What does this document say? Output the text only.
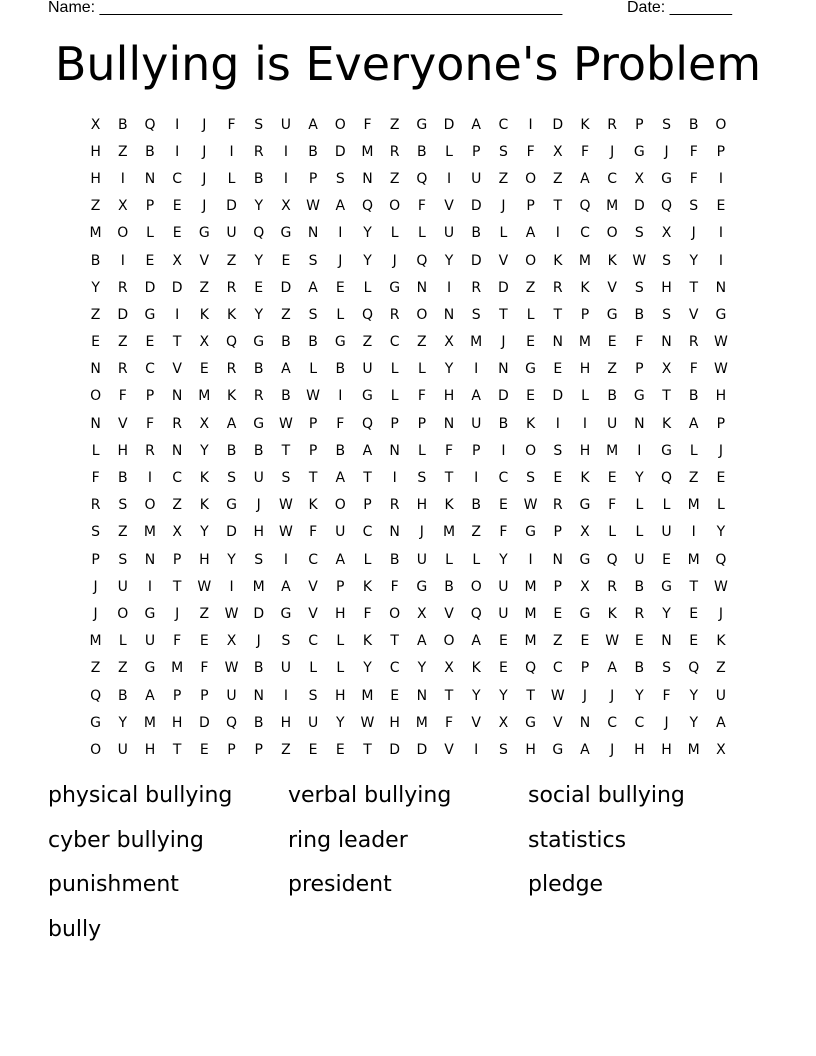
Name: ____________________________________________________	Date: _______
Bullying is Everyone's Problem
X	B	Q	I	J	F	S	U	A	O	F	Z	G	D	A	C	I	D	K	R	P	S	B	O
H	Z	B	I	J	I	R	I	B	D	M	R	B	L	P	S	F	X	F	J	G	J	F	P
H	I	N	C	J	L	B	I	P	S	N	Z	Q	I	U	Z	O	Z	A	C	X	G	F	I
Z	X	P	E	J	D	Y	X	W	A	Q	O	F	V	D	J	P	T	Q	M	D	Q	S	E
M	O	L	E	G	U	Q	G	N	I	Y	L	L	U	B	L	A	I	C	O	S	X	J	I
B	I	E	X	V	Z	Y	E	S	J	Y	J	Q	Y	D	V	O	K	M	K	W	S	Y	I
Y	R	D	D	Z	R	E	D	A	E	L	G	N	I	R	D	Z	R	K	V	S	H	T	N
Z	D	G	I	K	K	Y	Z	S	L	Q	R	O	N	S	T	L	T	P	G	B	S	V	G
E	Z	E	T	X	Q	G	B	B	G	Z	C	Z	X	M	J	E	N	M	E	F	N	R	W
N	R	C	V	E	R	B	A	L	B	U	L	L	Y	I	N	G	E	H	Z	P	X	F	W
O	F	P	N	M	K	R	B	W	I	G	L	F	H	A	D	E	D	L	B	G	T	B	H
N	V	F	R	X	A	G	W	P	F	Q	P	P	N	U	B	K	I	I	U	N	K	A	P
L	H	R	N	Y	B	B	T	P	B	A	N	L	F	P	I	O	S	H	M	I	G	L	J
F	B	I	C	K	S	U	S	T	A	T	I	S	T	I	C	S	E	K	E	Y	Q	Z	E
R	S	O	Z	K	G	J	W	K	O	P	R	H	K	B	E	W	R	G	F	L	L	M	L
S	Z	M	X	Y	D	H	W	F	U	C	N	J	M	Z	F	G	P	X	L	L	U	I	Y
P	S	N	P	H	Y	S	I	C	A	L	B	U	L	L	Y	I	N	G	Q	U	E	M	Q
J	U	I	T	W	I	M	A	V	P	K	F	G	B	O	U	M	P	X	R	B	G	T	W
J	O	G	J	Z	W	D	G	V	H	F	O	X	V	Q	U	M	E	G	K	R	Y	E	J
M	L	U	F	E	X	J	S	C	L	K	T	A	O	A	E	M	Z	E	W	E	N	E	K
Z	Z	G	M	F	W	B	U	L	L	Y	C	Y	X	K	E	Q	C	P	A	B	S	Q	Z
Q	B	A	P	P	U	N	I	S	H	M	E	N	T	Y	Y	T	W	J	J	Y	F	Y	U
G	Y	M	H	D	Q	B	H	U	Y	W	H	M	F	V	X	G	V	N	C	C	J	Y	A
O	U	H	T	E	P	P	Z	E	E	T	D	D	V	I	S	H	G	A	J	H	H	M	X
physical bullying	verbal bullying	social bullying
cyber bullying	ring leader	statistics
punishment	president	pledge
bully
